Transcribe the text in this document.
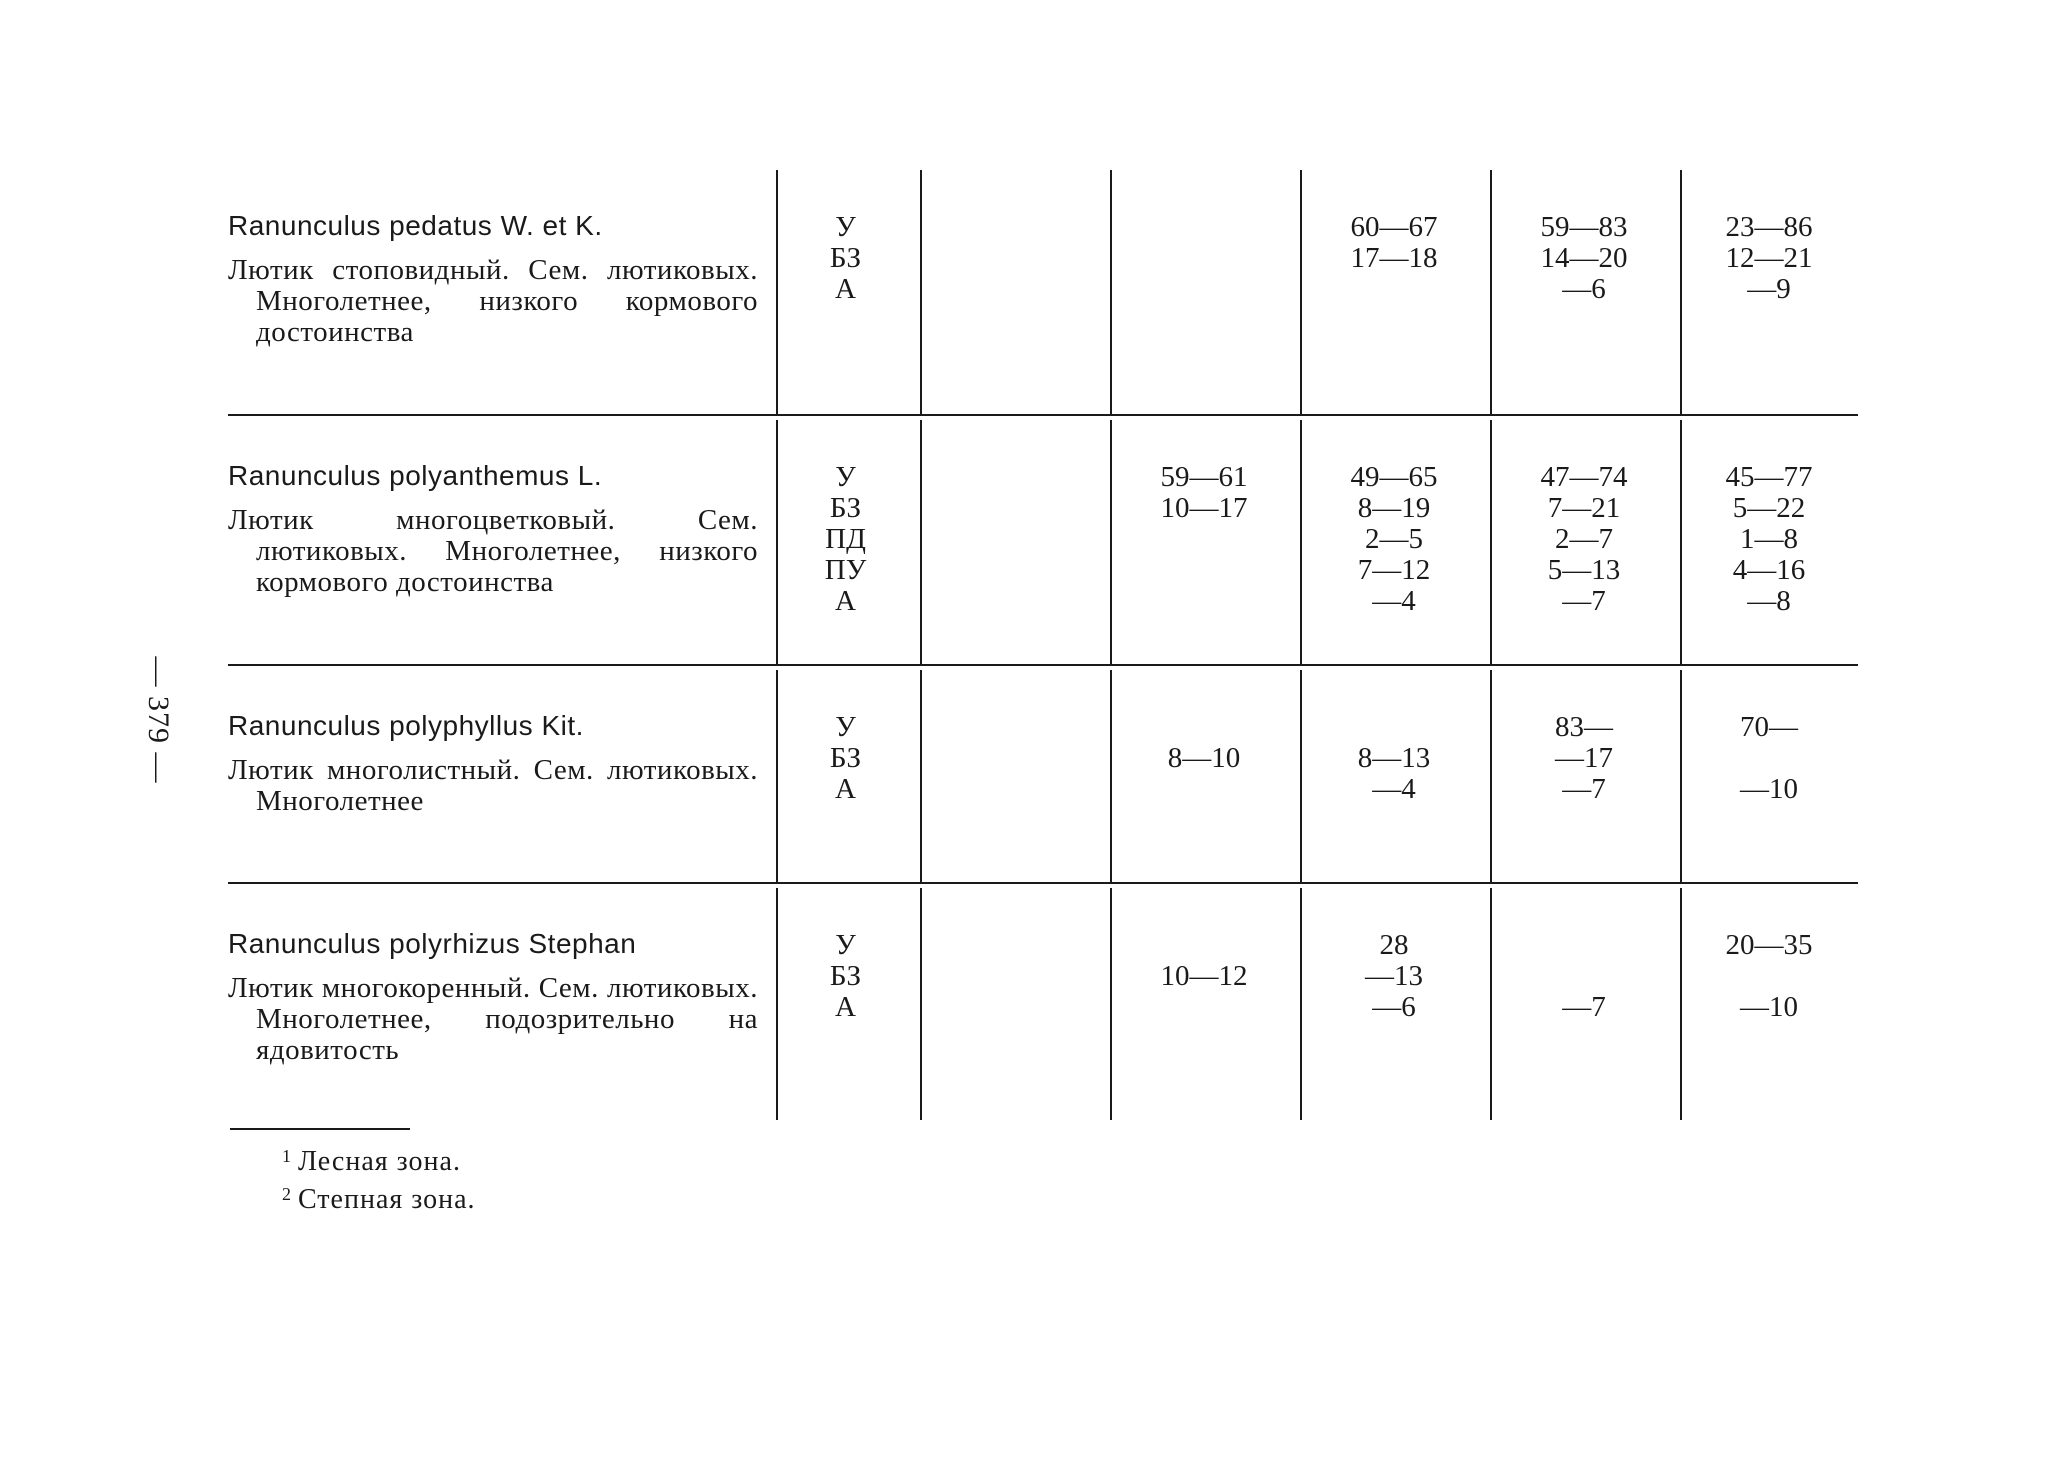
— 379 —
Ranunculus pedatus W. et K.
Лютик стоповидный. Сем. лютиковых. Многолетнее, низкого кормового достоинства
У
БЗ
А
60—67
17—18
59—83
14—20
—6
23—86
12—21
—9
Ranunculus polyanthemus L.
Лютик многоцветковый. Сем. лютиковых. Многолетнее, низкого кормового достоинства
У
БЗ
ПД
ПУ
А
59—61
10—17
49—65
8—19
2—5
7—12
—4
47—74
7—21
2—7
5—13
—7
45—77
5—22
1—8
4—16
—8
Ranunculus polyphyllus Kit.
Лютик многолистный. Сем. лютиковых. Многолетнее
У
БЗ
А
8—10	8—13
—4
83—
—17
—7
70—
—10
Ranunculus polyrhizus Stephan
Лютик многокоренный. Сем. лютиковых. Многолетнее, подозрительно на ядовитость
У
БЗ
А
10—12
28
—13
—6	—7
20—35
—10
$^1$ Лесная зона.
$^2$ Степная зона.
